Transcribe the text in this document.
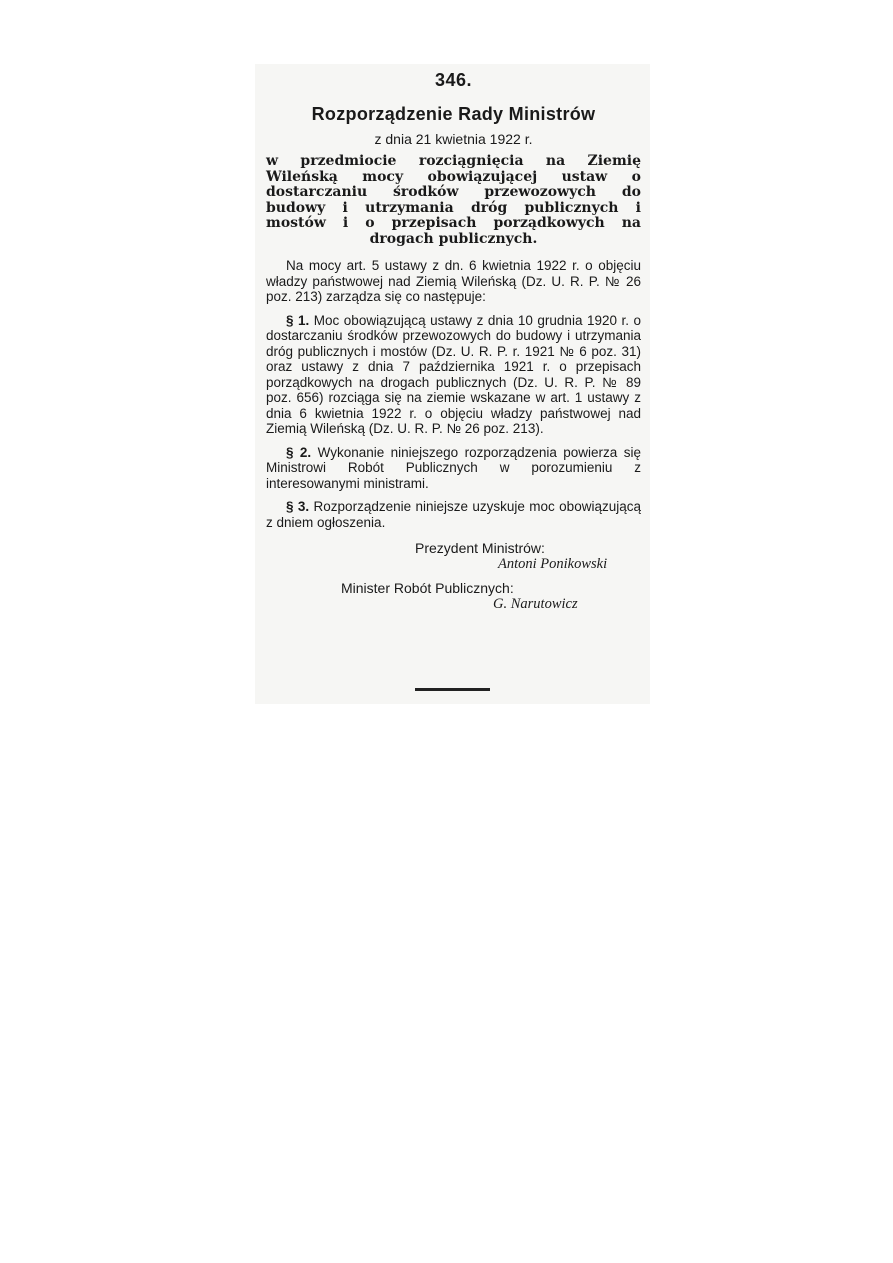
346.
Rozporządzenie Rady Ministrów
z dnia 21 kwietnia 1922 r.
w przedmiocie rozciągnięcia na Ziemię Wileńską mocy obowiązującej ustaw o dostarczaniu środków przewozowych do budowy i utrzymania dróg publicznych i mostów i o przepisach porządkowych na drogach publicznych.

Na mocy art. 5 ustawy z dn. 6 kwietnia 1922 r. o objęciu władzy państwowej nad Ziemią Wileńską (Dz. U. R. P. № 26 poz. 213) zarządza się co następuje:

§ 1. Moc obowiązującą ustawy z dnia 10 grudnia 1920 r. o dostarczaniu środków przewozowych do budowy i utrzymania dróg publicznych i mostów (Dz. U. R. P. r. 1921 № 6 poz. 31) oraz ustawy z dnia 7 października 1921 r. o przepisach porządkowych na drogach publicznych (Dz. U. R. P. № 89 poz. 656) rozciąga się na ziemie wskazane w art. 1 ustawy z dnia 6 kwietnia 1922 r. o objęciu władzy państwowej nad Ziemią Wileńską (Dz. U. R. P. № 26 poz. 213).

§ 2. Wykonanie niniejszego rozporządzenia powierza się Ministrowi Robót Publicznych w porozumieniu z interesowanymi ministrami.

§ 3. Rozporządzenie niniejsze uzyskuje moc obowiązującą z dniem ogłoszenia.

Prezydent Ministrów:
Antoni Ponikowski
Minister Robót Publicznych:
G. Narutowicz
